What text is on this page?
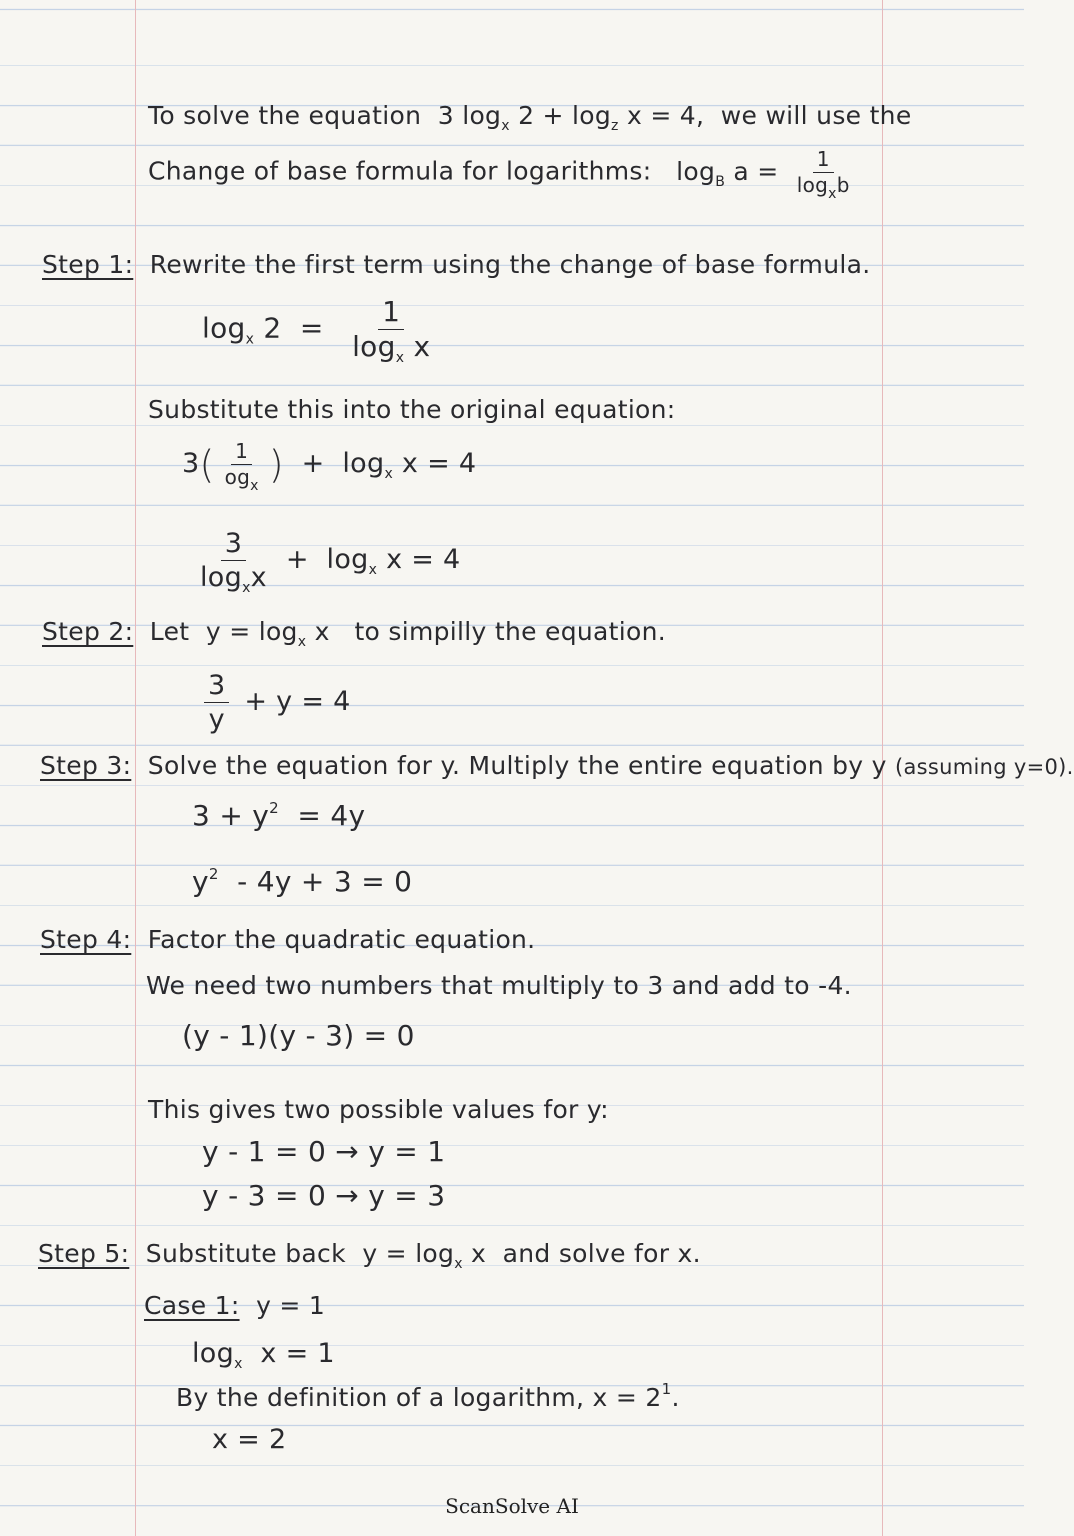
To solve the equation 3 $\log_x 2 + \log_z x = 4$, we will use the
Change of base formula for logarithms: $\log_B a = \frac{1}{\log_xb}$
Step 1: Rewrite the first term using the change of base formula.
$\log_x 2 = \frac{1}{\log_x x}$
Substitute this into the original equation:
$3( \frac{1}{og_x}$ ) + $\log_x x = 4$
$\frac{3}{\log_xx} + \log_x x = 4$
Step 2: Let $y = \log_x x$ to simpilly the equation.
$\frac{3}{y} + y = 4$
Step 3: Solve the equation for y. Multiply the entire equation by y (assuming y=0).
$3 + y^2 = 4y$
$y^2 - 4y + 3 = 0$
Step 4: Factor the quadratic equation.
We need two numbers that multiply to 3 and add to -4.
(y - 1)(y - 3) = 0
This gives two possible values for y:
y - 1 = 0 → y = 1
y - 3 = 0 → y = 3
Step 5: Substitute back $y = \log_x x$ and solve for x.
Case 1: y = 1
$\log_x x = 1$
By the definition of a logarithm, $x = 2^1$.
x = 2
ScanSolve AI
